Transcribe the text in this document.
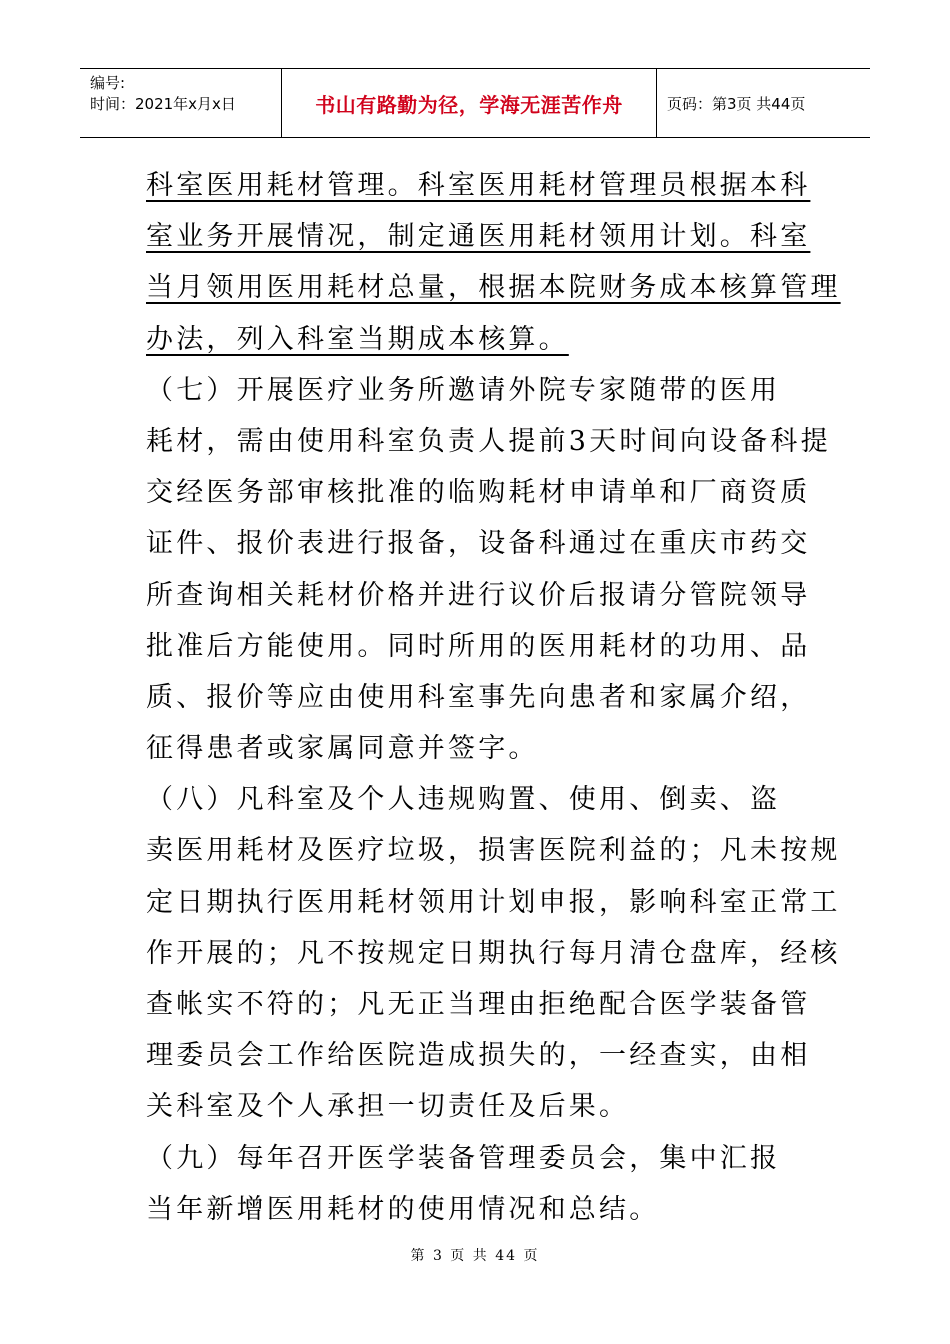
编号:
时间：2021年x月x日	书山有路勤为径，学海无涯苦作舟	页码：第3页 共44页
科室医用耗材管理。科室医用耗材管理员根据本科
室业务开展情况，制定通医用耗材领用计划。科室
当月领用医用耗材总量，根据本院财务成本核算管理
办法，列入科室当期成本核算。
（七）开展医疗业务所邀请外院专家随带的医用
耗材，需由使用科室负责人提前3天时间向设备科提
交经医务部审核批准的临购耗材申请单和厂商资质
证件、报价表进行报备，设备科通过在重庆市药交
所查询相关耗材价格并进行议价后报请分管院领导
批准后方能使用。同时所用的医用耗材的功用、品
质、报价等应由使用科室事先向患者和家属介绍，
征得患者或家属同意并签字。
（八）凡科室及个人违规购置、使用、倒卖、盗
卖医用耗材及医疗垃圾，损害医院利益的；凡未按规
定日期执行医用耗材领用计划申报，影响科室正常工
作开展的；凡不按规定日期执行每月清仓盘库，经核
查帐实不符的；凡无正当理由拒绝配合医学装备管
理委员会工作给医院造成损失的，一经查实，由相
关科室及个人承担一切责任及后果。
（九）每年召开医学装备管理委员会，集中汇报
当年新增医用耗材的使用情况和总结。
第 3 页 共 44 页
